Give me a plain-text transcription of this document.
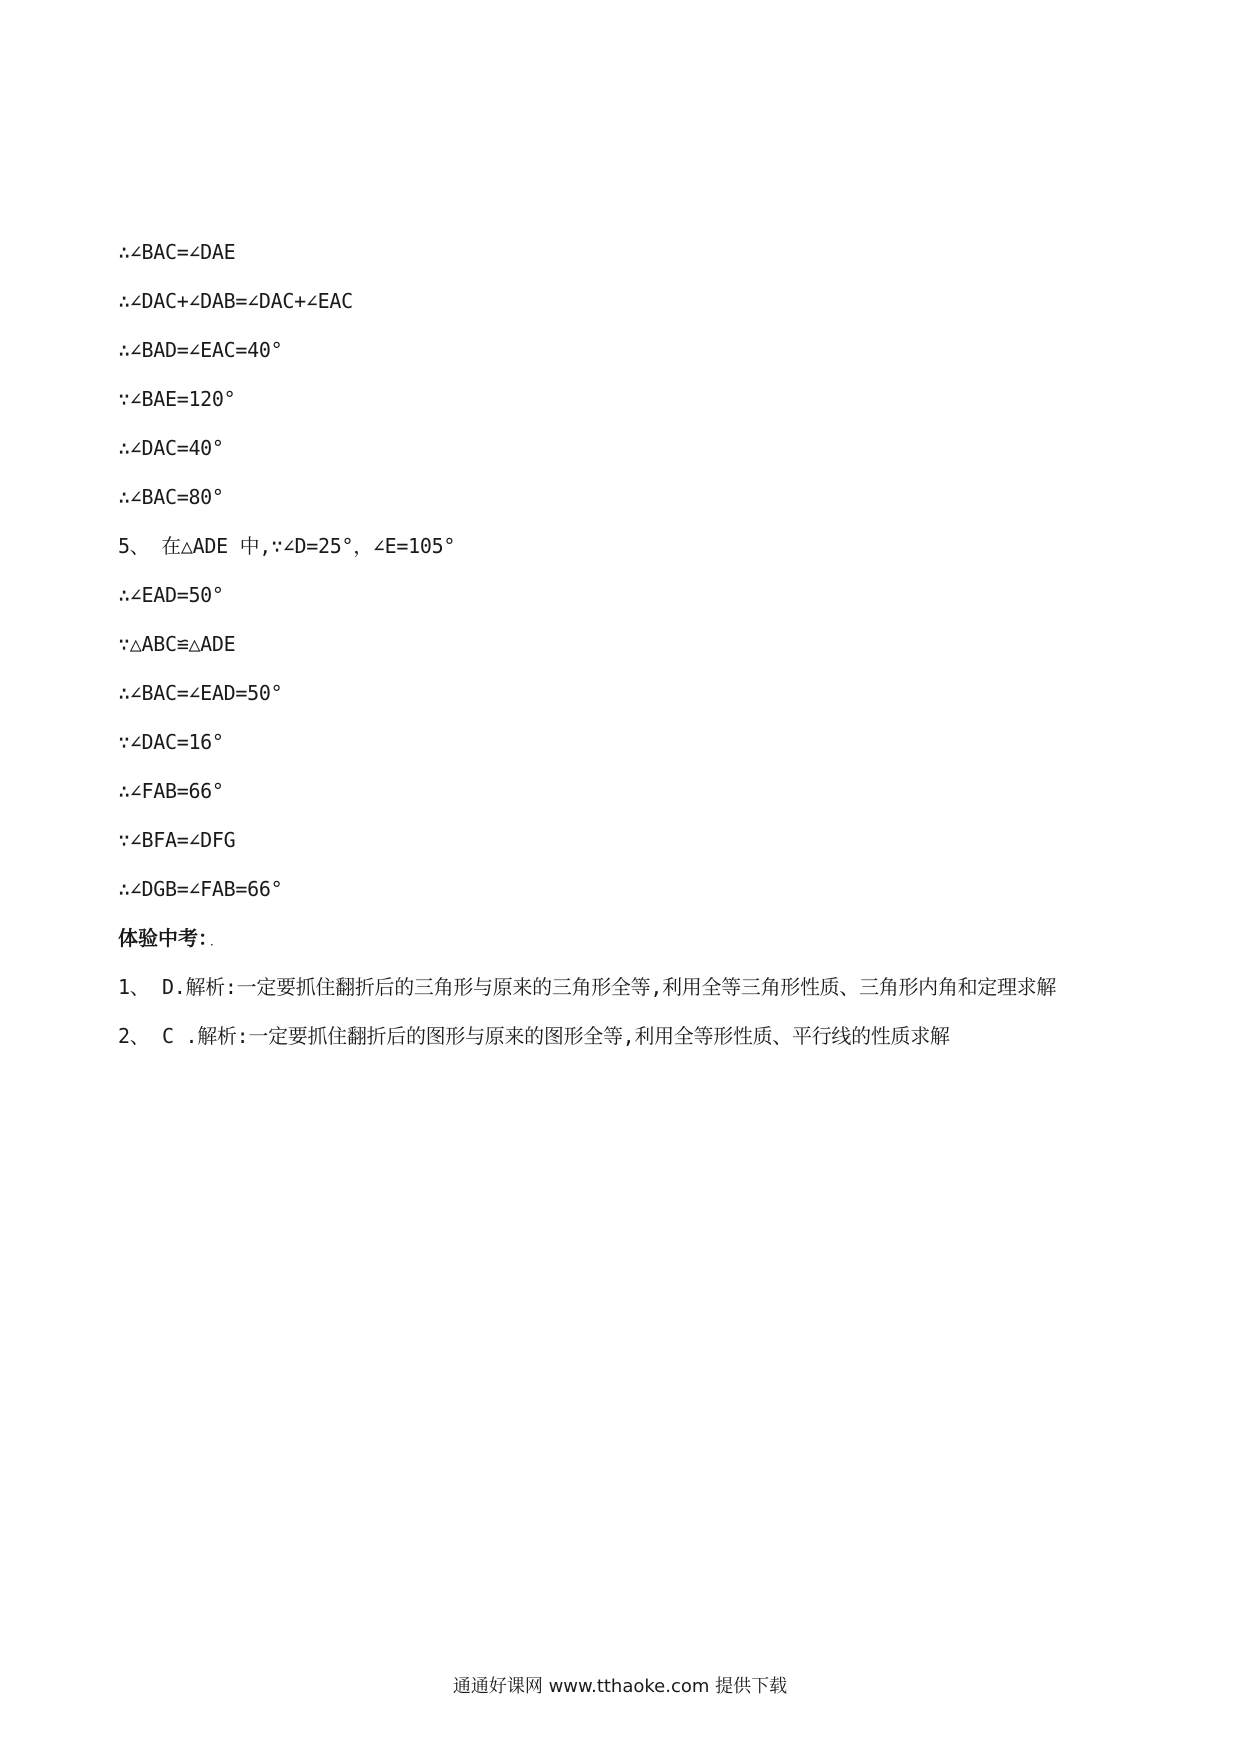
∴∠BAC=∠DAE
∴∠DAC+∠DAB=∠DAC+∠EAC
∴∠BAD=∠EAC=40°
∵∠BAE=120°
∴∠DAC=40°
∴∠BAC=80°
5、 在△ADE 中,∵∠D=25°，∠E=105°
∴∠EAD=50°
∵△ABC≌△ADE
∴∠BAC=∠EAD=50°
∵∠DAC=16°
∴∠FAB=66°
∵∠BFA=∠DFG
∴∠DGB=∠FAB=66°
体验中考： ．
1、 D.解析:一定要抓住翻折后的三角形与原来的三角形全等,利用全等三角形性质、三角形内角和定理求解
2、 C .解析:一定要抓住翻折后的图形与原来的图形全等,利用全等形性质、平行线的性质求解
通通好课网 www.tthaoke.com 提供下载
